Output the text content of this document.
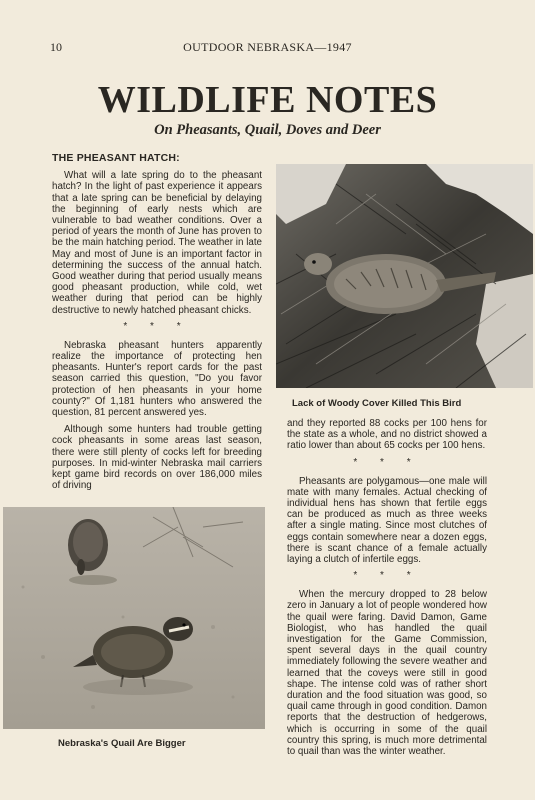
10	OUTDOOR NEBRASKA—1947
WILDLIFE NOTES
On Pheasants, Quail, Doves and Deer
THE PHEASANT HATCH:

What will a late spring do to the pheasant hatch? In the light of past experience it appears that a late spring can be beneficial by delaying the beginning of early nests which are vulnerable to bad weather conditions. Over a period of years the month of June has proven to be the main hatching period. The weather in late May and most of June is an important factor in determining the success of the annual hatch. Good weather during that period usually means good pheasant production, while cold, wet weather during that period can be highly destructive to newly hatched pheasant chicks.

* * *

Nebraska pheasant hunters apparently realize the importance of protecting hen pheasants. Hunter's report cards for the past season carried this question, "Do you favor protection of hen pheasants in your home county?" Of 1,181 hunters who answered the question, 81 percent answered yes.

Although some hunters had trouble getting cock pheasants in some areas last season, there were still plenty of cocks left for breeding purposes. In mid-winter Nebraska mail carriers kept game bird records on over 186,000 miles of driving

Lack of Woody Cover Killed This Bird
Nebraska's Quail Are Bigger

and they reported 88 cocks per 100 hens for the state as a whole, and no district showed a ratio lower than about 65 cocks per 100 hens.

* * *

Pheasants are polygamous—one male will mate with many females. Actual checking of individual hens has shown that fertile eggs can be produced as much as three weeks after a single mating. Since most clutches of eggs contain somewhere near a dozen eggs, there is scant chance of a female actually laying a clutch of infertile eggs.

* * *

When the mercury dropped to 28 below zero in January a lot of people wondered how the quail were faring. David Damon, Game Biologist, who has handled the quail investigation for the Game Commission, spent several days in the quail country immediately following the severe weather and learned that the coveys were still in good shape. The intense cold was of rather short duration and the food situation was good, so quail came through in good condition. Damon reports that the destruction of hedgerows, which is occurring in some of the quail country this spring, is much more detrimental to quail than was the winter weather.
